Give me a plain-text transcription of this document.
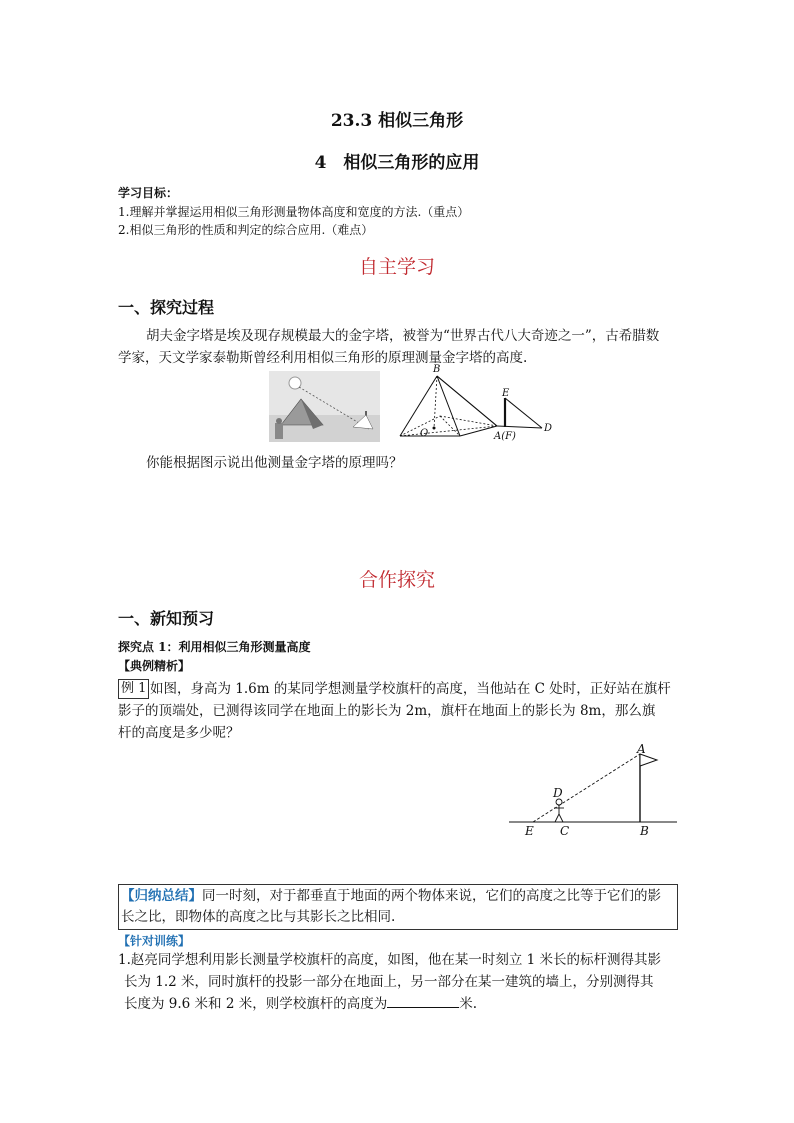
23.3 相似三角形
4　相似三角形的应用
学习目标：
1.理解并掌握运用相似三角形测量物体高度和宽度的方法.（重点）
2.相似三角形的性质和判定的综合应用.（难点）
自主学习
一、探究过程
胡夫金字塔是埃及现存规模最大的金字塔，被誉为“世界古代八大奇迹之一”，古希腊数
学家，天文学家泰勒斯曾经利用相似三角形的原理测量金字塔的高度.
B
E
O	A(F)
D
你能根据图示说出他测量金字塔的原理吗？
合作探究
一、新知预习
探究点 1：利用相似三角形测量高度
【典例精析】
例 1 如图，身高为 1.6m 的某同学想测量学校旗杆的高度，当他站在 C 处时，正好站在旗杆
影子的顶端处，已测得该同学在地面上的影长为 2m，旗杆在地面上的影长为 8m，那么旗
杆的高度是多少呢？
A
D
E C	B
【归纳总结】同一时刻，对于都垂直于地面的两个物体来说，它们的高度之比等于它们的影
长之比，即物体的高度之比与其影长之比相同.
【针对训练】
1.赵亮同学想利用影长测量学校旗杆的高度，如图，他在某一时刻立 1 米长的标杆测得其影
长为 1.2 米，同时旗杆的投影一部分在地面上，另一部分在某一建筑的墙上，分别测得其
长度为 9.6 米和 2 米，则学校旗杆的高度为	米.
